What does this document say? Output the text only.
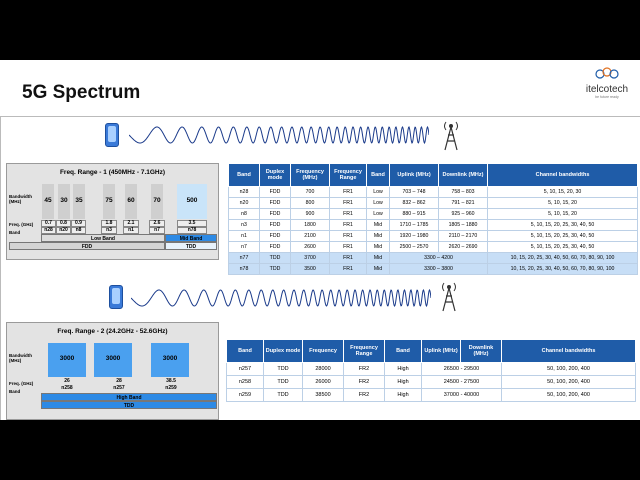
5G Spectrum	itelcotech
be future ready
Freq. Range - 1 (450MHz - 7.1GHz)
Bandwidth (MHz)
Freq. (GHz)
Band
45 30 35	75 60	70	500
0.7	0.8	0.9	1.8	2.1	2.6	3.5
n28	n20	n8	n3	n1	n7	n78
Low Band	Mid Band
FDD	TDD
Band	Duplex mode	Frequency (MHz)	Frequency Range	Band	Uplink (MHz)	Downlink (MHz)	Channel bandwidths
n28	FDD	700	FR1	Low	703 – 748	758 – 803	5, 10, 15, 20, 30
n20	FDD	800	FR1	Low	832 – 862	791 – 821	5, 10, 15, 20
n8	FDD	900	FR1	Low	880 – 915	925 – 960	5, 10, 15, 20
n3	FDD	1800	FR1	Mid	1710 – 1785	1805 – 1880	5, 10, 15, 20, 25, 30, 40, 50
n1	FDD	2100	FR1	Mid	1920 – 1980	2110 – 2170	5, 10, 15, 20, 25, 30, 40, 50
n7	FDD	2600	FR1	Mid	2500 – 2570	2620 – 2690	5, 10, 15, 20, 25, 30, 40, 50
n77	TDD	3700	FR1	Mid	3300 – 4200		10, 15, 20, 25, 30, 40, 50, 60, 70, 80, 90, 100
n78	TDD	3500	FR1	Mid	3300 – 3800		10, 15, 20, 25, 30, 40, 50, 60, 70, 80, 90, 100
Freq. Range - 2 (24.2GHz - 52.6GHz)
Bandwidth (MHz)
Freq. (GHz)
Band
3000	3000	3000
26	28	38.5
n258	n257	n259
High Band
TDD
Band	Duplex mode	Frequency	Frequency Range	Band	Uplink (MHz)	Downlink (MHz)	Channel bandwidths
n257	TDD	28000	FR2	High	26500 - 29500		50, 100, 200, 400
n258	TDD	26000	FR2	High	24500 - 27500		50, 100, 200, 400
n259	TDD	38500	FR2	High	37000 - 40000		50, 100, 200, 400
